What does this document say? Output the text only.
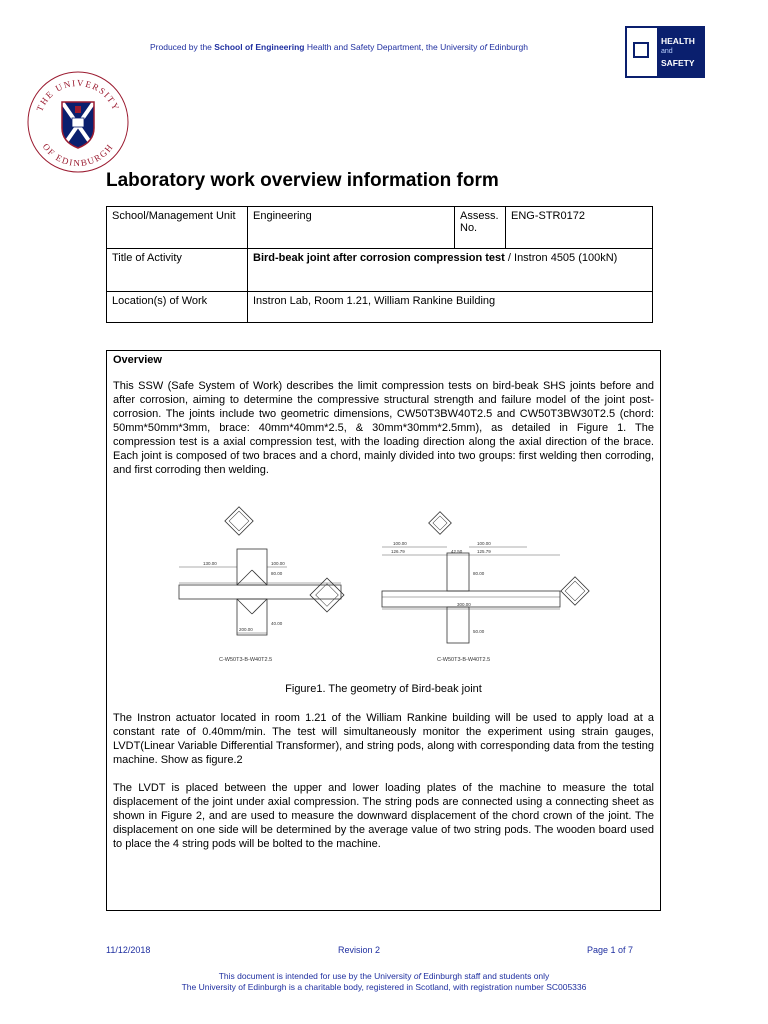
Produced by the School of Engineering Health and Safety Department, the University of Edinburgh
HEALTH
and
SAFETY
THE UNIVERSITY
OF EDINBURGH
Laboratory work overview information form
School/Management Unit	Engineering	Assess. No.	ENG-STR0172
Title of Activity	Bird-beak joint after corrosion compression test / Instron 4505 (100kN)		
Location(s) of Work	Instron Lab, Room 1.21, William Rankine Building		
Overview

This SSW (Safe System of Work) describes the limit compression tests on bird-beak SHS joints before and after corrosion, aiming to determine the compressive structural strength and failure model of the joint post-corrosion. The joints include two geometric dimensions, CW50T3BW40T2.5 and CW50T3BW30T2.5 (chord: 50mm*50mm*3mm, brace: 40mm*40mm*2.5, & 30mm*30mm*2.5mm), as detailed in Figure 1. The compression test is a axial compression test, with the loading direction along the axial direction of the brace. Each joint is composed of two braces and a chord, mainly divided into two groups: first welding then corroding, and first corroding then welding.

130.00	100.00
200.00
100.00	100.00
126.79	42.50	125.79
300.00
80.00
40.00
80.00
50.00
C-W50T3-B-W40T2.5	C-W50T3-B-W40T2.5
Figure1. The geometry of Bird-beak joint

The Instron actuator located in room 1.21 of the William Rankine building will be used to apply load at a constant rate of 0.40mm/min. The test will simultaneously monitor the experiment using strain gauges, LVDT(Linear Variable Differential Transformer), and string pods, along with corresponding data from the testing machine. Show as figure.2

The LVDT is placed between the upper and lower loading plates of the machine to measure the total displacement of the joint under axial compression. The string pods are connected using a connecting sheet as shown in Figure 2, and are used to measure the downward displacement of the chord crown of the joint. The displacement on one side will be determined by the average value of two string pods. The wooden board used to place the 4 string pods will be bolted to the machine.

11/12/2018	Revision 2	Page 1 of 7
This document is intended for use by the University of Edinburgh staff and students only
The University of Edinburgh is a charitable body, registered in Scotland, with registration number SC005336
